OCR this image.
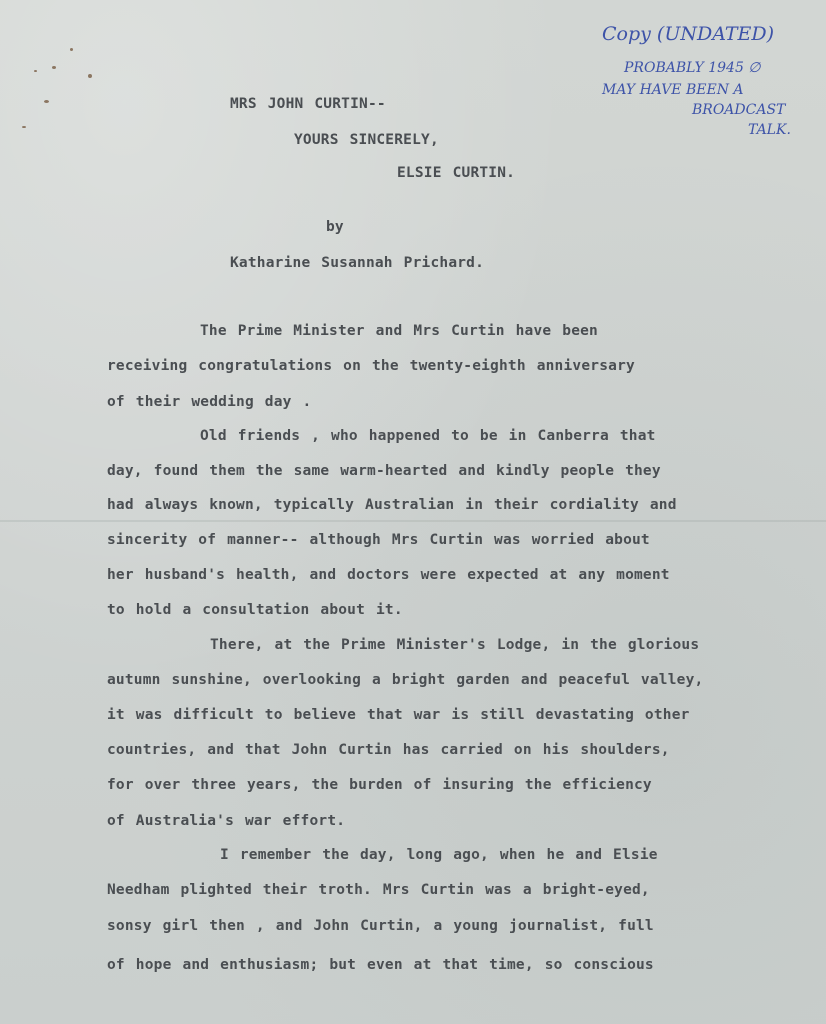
Copy (UNDATED)

PROBABLY 1945 ∅

MAY HAVE BEEN A

BROADCAST

TALK.

MRS JOHN CURTIN--

YOURS SINCERELY,

ELSIE CURTIN.

by

Katharine Susannah Prichard.

The Prime Minister and Mrs Curtin have been

receiving congratulations on the twenty-eighth anniversary

of their wedding day .

Old friends , who happened to be in Canberra that

day, found them the same warm-hearted and kindly people they

had always known, typically Australian in their cordiality and

sincerity of manner-- although Mrs Curtin was worried about

her husband's health, and doctors were expected at any moment

to hold a consultation about it.

There, at the Prime Minister's Lodge, in the glorious

autumn sunshine, overlooking a bright garden and peaceful valley,

it was difficult to believe that war is still devastating other

countries, and that John Curtin has carried on his shoulders,

for over three years, the burden of insuring the efficiency

of Australia's war effort.

I remember the day, long ago, when he and Elsie

Needham plighted their troth. Mrs Curtin was a bright-eyed,

sonsy girl then , and John Curtin, a young journalist, full

of hope and enthusiasm; but even at that time, so conscious
